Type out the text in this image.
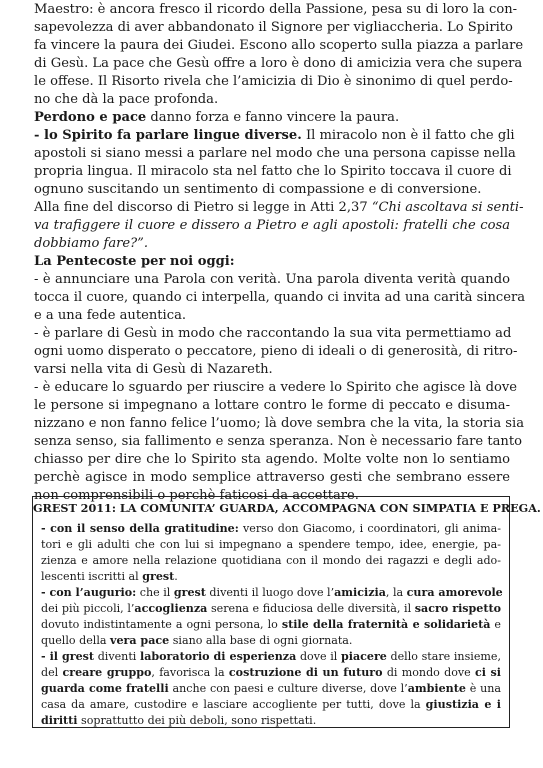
Maestro: è ancora fresco il ricordo della Passione, pesa su di loro la con-
sapevolezza di aver abbandonato il Signore per vigliaccheria. Lo Spirito
fa vincere la paura dei Giudei. Escono allo scoperto sulla piazza a parlare
di Gesù. La pace che Gesù offre a loro è dono di amicizia vera che supera
le offese. Il Risorto rivela che l’amicizia di Dio è sinonimo di quel perdo-
no che dà la pace profonda.
Perdono e pace danno forza e fanno vincere la paura.
- lo Spirito fa parlare lingue diverse. Il miracolo non è il fatto che gli
apostoli si siano messi a parlare nel modo che una persona capisse nella
propria lingua. Il miracolo sta nel fatto che lo Spirito toccava il cuore di
ognuno suscitando un sentimento di compassione e di conversione.
Alla fine del discorso di Pietro si legge in Atti 2,37 “Chi ascoltava si senti-
va trafiggere il cuore e dissero a Pietro e agli apostoli: fratelli che cosa
dobbiamo fare?”.
La Pentecoste per noi oggi:
- è annunciare una Parola con verità. Una parola diventa verità quando
tocca il cuore, quando ci interpella, quando ci invita ad una carità sincera
e a una fede autentica.
- è parlare di Gesù in modo che raccontando la sua vita permettiamo ad
ogni uomo disperato o peccatore, pieno di ideali o di generosità, di ritro-
varsi nella vita di Gesù di Nazareth.
- è educare lo sguardo per riuscire a vedere lo Spirito che agisce là dove
le persone si impegnano a lottare contro le forme di peccato e disuma-
nizzano e non fanno felice l’uomo; là dove sembra che la vita, la storia sia
senza senso, sia fallimento e senza speranza. Non è necessario fare tanto
chiasso per dire che lo Spirito sta agendo. Molte volte non lo sentiamo
perchè agisce in modo semplice attraverso gesti che sembrano essere
non comprensibili o perchè faticosi da accettare.
GREST 2011: LA COMUNITA’ GUARDA, ACCOMPAGNA CON SIMPATIA E PREGA.
- con il senso della gratitudine: verso don Giacomo, i coordinatori, gli anima-
tori e gli adulti che con lui si impegnano a spendere tempo, idee, energie, pa-
zienza e amore nella relazione quotidiana con il mondo dei ragazzi e degli ado-
lescenti iscritti al grest.
- con l’augurio: che il grest diventi il luogo dove l’amicizia, la cura amorevole
dei più piccoli, l’accoglienza serena e fiduciosa delle diversità, il sacro rispetto
dovuto indistintamente a ogni persona, lo stile della fraternità e solidarietà e
quello della vera pace siano alla base di ogni giornata.
- il grest diventi laboratorio di esperienza dove il piacere dello stare insieme,
del creare gruppo, favorisca la costruzione di un futuro di mondo dove ci si
guarda come fratelli anche con paesi e culture diverse, dove l’ambiente è una
casa da amare, custodire e lasciare accogliente per tutti, dove la giustizia e i
diritti soprattutto dei più deboli, sono rispettati.
